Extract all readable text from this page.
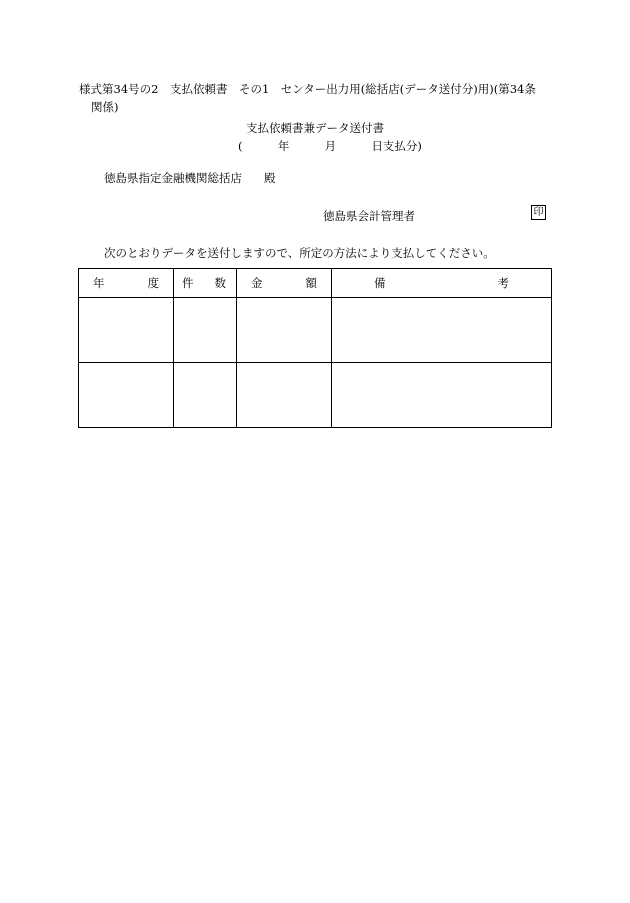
様式第34号の2　支払依頼書　その1　センター出力用(総括店(データ送付分)用)(第34条
関係)
支払依頼書兼データ送付書
(	年	月	日支払分)
徳島県指定金融機関総括店 殿
徳島県会計管理者	印
次のとおりデータを送付しますので、所定の方法により支払してください。
年 度	件 数	金 額	備 考
